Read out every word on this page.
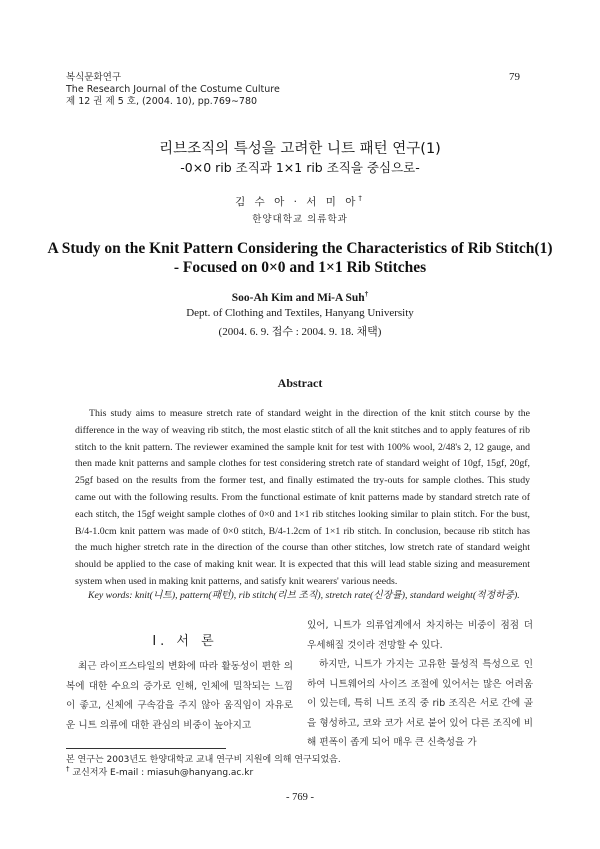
복식문화연구
The Research Journal of the Costume Culture
제 12 권 제 5 호, (2004. 10), pp.769∼780
79
리브조직의 특성을 고려한 니트 패턴 연구(1)
-0×0 rib 조직과 1×1 rib 조직을 중심으로-
김 수 아 · 서 미 아†
한양대학교 의류학과
A Study on the Knit Pattern Considering the Characteristics of Rib Stitch(1)
- Focused on 0×0 and 1×1 Rib Stitches
Soo-Ah Kim and Mi-A Suh†
Dept. of Clothing and Textiles, Hanyang University
(2004. 6. 9. 접수 : 2004. 9. 18. 채택)
Abstract
This study aims to measure stretch rate of standard weight in the direction of the knit stitch course by the difference in the way of weaving rib stitch, the most elastic stitch of all the knit stitches and to apply features of rib stitch to the knit pattern. The reviewer examined the sample knit for test with 100% wool, 2/48's 2, 12 gauge, and then made knit patterns and sample clothes for test considering stretch rate of standard weight of 10gf, 15gf, 20gf, 25gf based on the results from the former test, and finally estimated the try-outs for sample clothes. This study came out with the following results. From the functional estimate of knit patterns made by standard stretch rate of each stitch, the 15gf weight sample clothes of 0×0 and 1×1 rib stitches looking similar to plain stitch. For the bust, B/4-1.0cm knit pattern was made of 0×0 stitch, B/4-1.2cm of 1×1 rib stitch. In conclusion, because rib stitch has the much higher stretch rate in the direction of the course than other stitches, low stretch rate of standard weight should be applied to the case of making knit wear. It is expected that this will lead stable sizing and measurement system when used in making knit patterns, and satisfy knit wearers' various needs.
Key words: knit(니트), pattern(패턴), rib stitch(리브 조직), stretch rate(신장률), standard weight(적정하중).
Ⅰ. 서 론

최근 라이프스타일의 변화에 따라 활동성이 편한 의복에 대한 수요의 증가로 인해, 인체에 밀착되는 느낌이 좋고, 신체에 구속감을 주지 않아 움직임이 자유로운 니트 의류에 대한 관심의 비중이 높아지고

있어, 니트가 의류업계에서 차지하는 비중이 점점 더 우세해질 것이라 전망할 수 있다.

하지만, 니트가 가지는 고유한 물성적 특성으로 인하여 니트웨어의 사이즈 조절에 있어서는 많은 어려움이 있는데, 특히 니트 조직 중 rib 조직은 서로 간에 골을 형성하고, 코와 코가 서로 붙어 있어 다른 조직에 비해 편폭이 좁게 되어 매우 큰 신축성을 가

본 연구는 2003년도 한양대학교 교내 연구비 지원에 의해 연구되었음.
† 교신저자 E-mail : miasuh@hanyang.ac.kr
- 769 -
